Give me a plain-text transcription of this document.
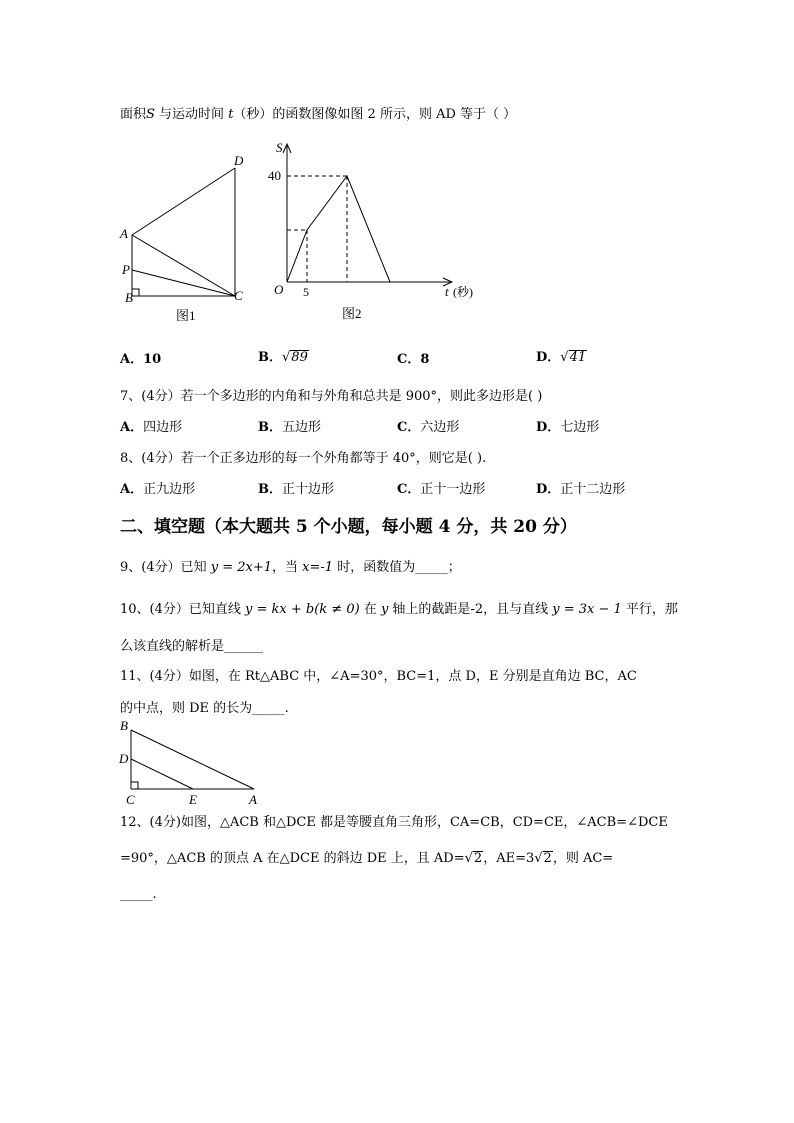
面积S 与运动时间 t（秒）的函数图像如图 2 所示，则 AD 等于（ ）
D
A
P
B	C
图1
S
40
O 5	t (秒)
图2
A．10	B．√89	C．8	D．√41
7、(4分）若一个多边形的内角和与外角和总共是 900°，则此多边形是( )
A．四边形	B．五边形	C．六边形	D．七边形
8、(4分）若一个正多边形的每一个外角都等于 40°，则它是( ).
A．正九边形	B．正十边形	C．正十一边形	D．正十二边形
二、填空题（本大题共 5 个小题，每小题 4 分，共 20 分）
9、(4分）已知 y = 2x+1，当 x=-1 时，函数值为_____；
10、(4分）已知直线 y = kx + b(k ≠ 0) 在 y 轴上的截距是-2，且与直线 y = 3x − 1 平行，那
么该直线的解析是______
11、(4分）如图，在 Rt△ABC 中，∠A=30°，BC=1，点 D，E 分别是直角边 BC，AC
的中点，则 DE 的长为_____.
B
D
C	E	A
12、(4分)如图，△ACB 和△DCE 都是等腰直角三角形，CA=CB，CD=CE，∠ACB=∠DCE
=90°，△ACB 的顶点 A 在△DCE 的斜边 DE 上，且 AD=√2，AE=3√2，则 AC=
_____.
